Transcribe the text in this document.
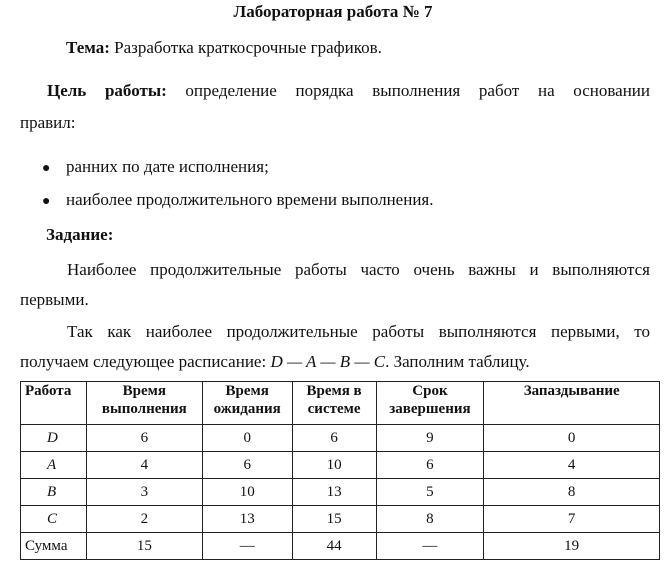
Лабораторная работа № 7
Тема: Разработка краткосрочные графиков.
Цель работы: определение порядка выполнения работ на основании
правил:
● ранних по дате исполнения;
● наиболее продолжительного времени выполнения.
Задание:
Наиболее продолжительные работы часто очень важны и выполняются
первыми.
Так как наиболее продолжительные работы выполняются первыми, то
получаем следующее расписание: D — A — B — C. Заполним таблицу.
Работа	Время выполнения	Время ожидания	Время в системе	Срок завершения	Запаздывание
D	6	0	6	9	0
A	4	6	10	6	4
B	3	10	13	5	8
C	2	13	15	8	7
Сумма	15	—	44	—	19
